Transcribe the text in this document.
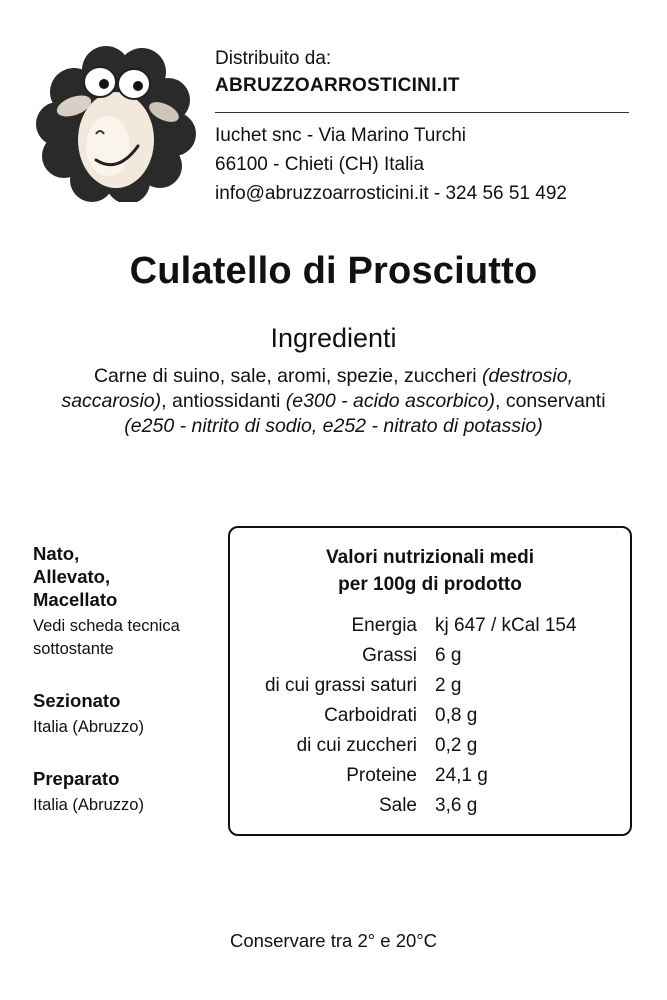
Distribuito da:
ABRUZZOARROSTICINI.IT
Iuchet snc - Via Marino Turchi
66100 - Chieti (CH) Italia
info@abruzzoarrosticini.it - 324 56 51 492
Culatello di Prosciutto
Ingredienti
Carne di suino, sale, aromi, spezie, zuccheri (destrosio, saccarosio), antiossidanti (e300 - acido ascorbico), conservanti (e250 - nitrito di sodio, e252 - nitrato di potassio)
Nato,
Allevato,
Macellato
Vedi scheda tecnica sottostante
Sezionato
Italia (Abruzzo)
Preparato
Italia (Abruzzo)
Valori nutrizionali medi
per 100g di prodotto
Energia kj 647 / kCal 154
Grassi 6 g
di cui grassi saturi 2 g
Carboidrati 0,8 g
di cui zuccheri 0,2 g
Proteine 24,1 g
Sale 3,6 g
Conservare tra 2° e 20°C
